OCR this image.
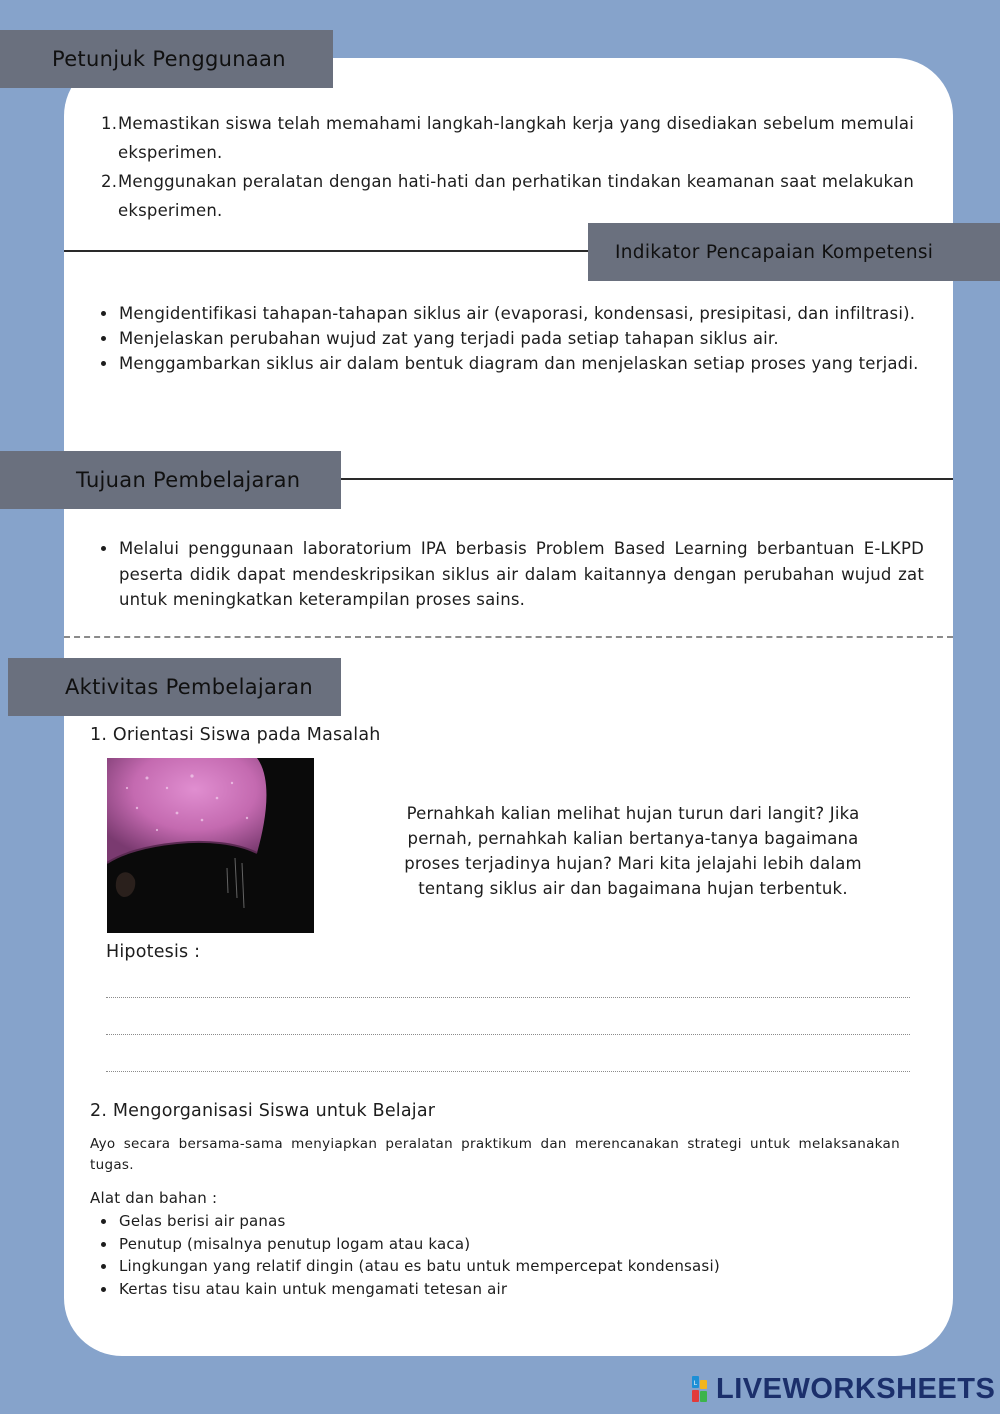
Petunjuk Penggunaan
1. Memastikan siswa telah memahami langkah-langkah kerja yang disediakan sebelum memulai eksperimen.
2. Menggunakan peralatan dengan hati-hati dan perhatikan tindakan keamanan saat melakukan eksperimen.
Indikator Pencapaian Kompetensi
Mengidentifikasi tahapan-tahapan siklus air (evaporasi, kondensasi, presipitasi, dan infiltrasi).
Menjelaskan perubahan wujud zat yang terjadi pada setiap tahapan siklus air.
Menggambarkan siklus air dalam bentuk diagram dan menjelaskan setiap proses yang terjadi.
Tujuan Pembelajaran
Melalui penggunaan laboratorium IPA berbasis Problem Based Learning berbantuan E-LKPD peserta didik dapat mendeskripsikan siklus air dalam kaitannya dengan perubahan wujud zat untuk meningkatkan keterampilan proses sains.
Aktivitas Pembelajaran
1. Orientasi Siswa pada Masalah
Pernahkah kalian melihat hujan turun dari langit? Jika pernah, pernahkah kalian bertanya-tanya bagaimana proses terjadinya hujan? Mari kita jelajahi lebih dalam tentang siklus air dan bagaimana hujan terbentuk.
Hipotesis :
2. Mengorganisasi Siswa untuk Belajar
Ayo secara bersama-sama menyiapkan peralatan praktikum dan merencanakan strategi untuk melaksanakan tugas.
Alat dan bahan :
Gelas berisi air panas
Penutup (misalnya penutup logam atau kaca)
Lingkungan yang relatif dingin (atau es batu untuk mempercepat kondensasi)
Kertas tisu atau kain untuk mengamati tetesan air
L LIVEWORKSHEETS
